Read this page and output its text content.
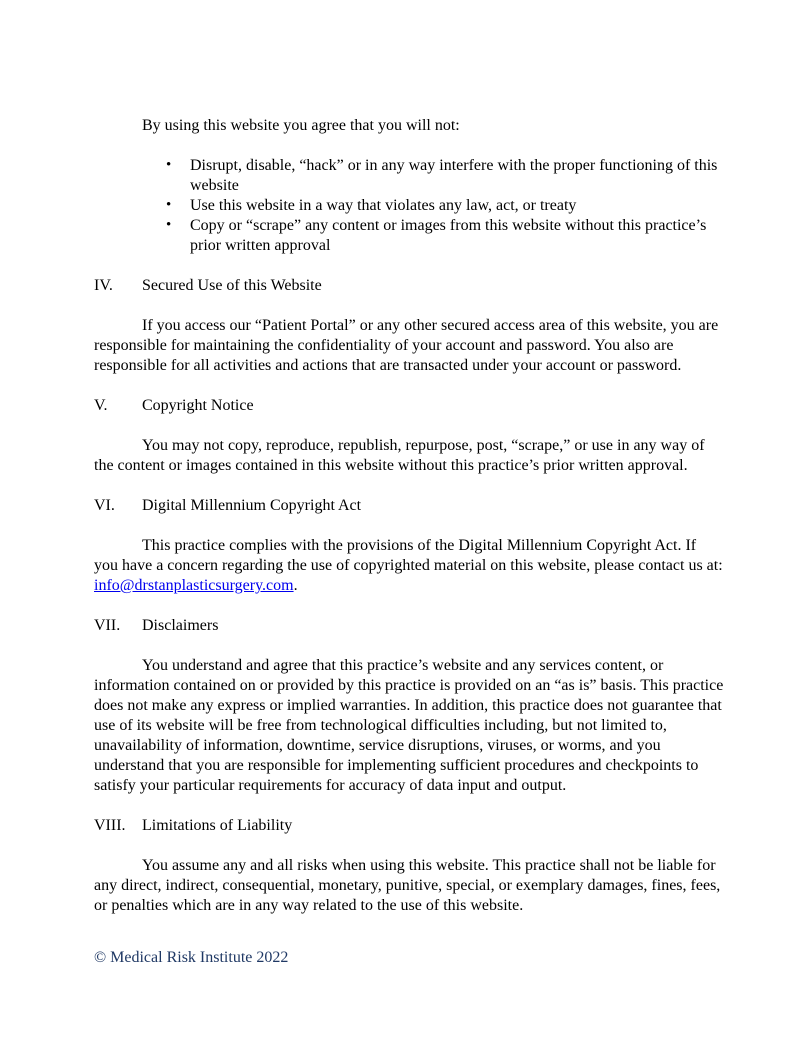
By using this website you agree that you will not:

• Disrupt, disable, “hack” or in any way interfere with the proper functioning of this website
• Use this website in a way that violates any law, act, or treaty
• Copy or “scrape” any content or images from this website without this practice’s prior written approval
IV.	Secured Use of this Website

If you access our “Patient Portal” or any other secured access area of this website, you are responsible for maintaining the confidentiality of your account and password. You also are responsible for all activities and actions that are transacted under your account or password.

V.	Copyright Notice

You may not copy, reproduce, republish, repurpose, post, “scrape,” or use in any way of the content or images contained in this website without this practice’s prior written approval.

VI.	Digital Millennium Copyright Act

This practice complies with the provisions of the Digital Millennium Copyright Act. If you have a concern regarding the use of copyrighted material on this website, please contact us at: info@drstanplasticsurgery.com.

VII.	Disclaimers

You understand and agree that this practice’s website and any services content, or information contained on or provided by this practice is provided on an “as is” basis. This practice does not make any express or implied warranties. In addition, this practice does not guarantee that use of its website will be free from technological difficulties including, but not limited to, unavailability of information, downtime, service disruptions, viruses, or worms, and you understand that you are responsible for implementing sufficient procedures and checkpoints to satisfy your particular requirements for accuracy of data input and output.

VIII.	Limitations of Liability

You assume any and all risks when using this website. This practice shall not be liable for any direct, indirect, consequential, monetary, punitive, special, or exemplary damages, fines, fees, or penalties which are in any way related to the use of this website.

© Medical Risk Institute 2022
